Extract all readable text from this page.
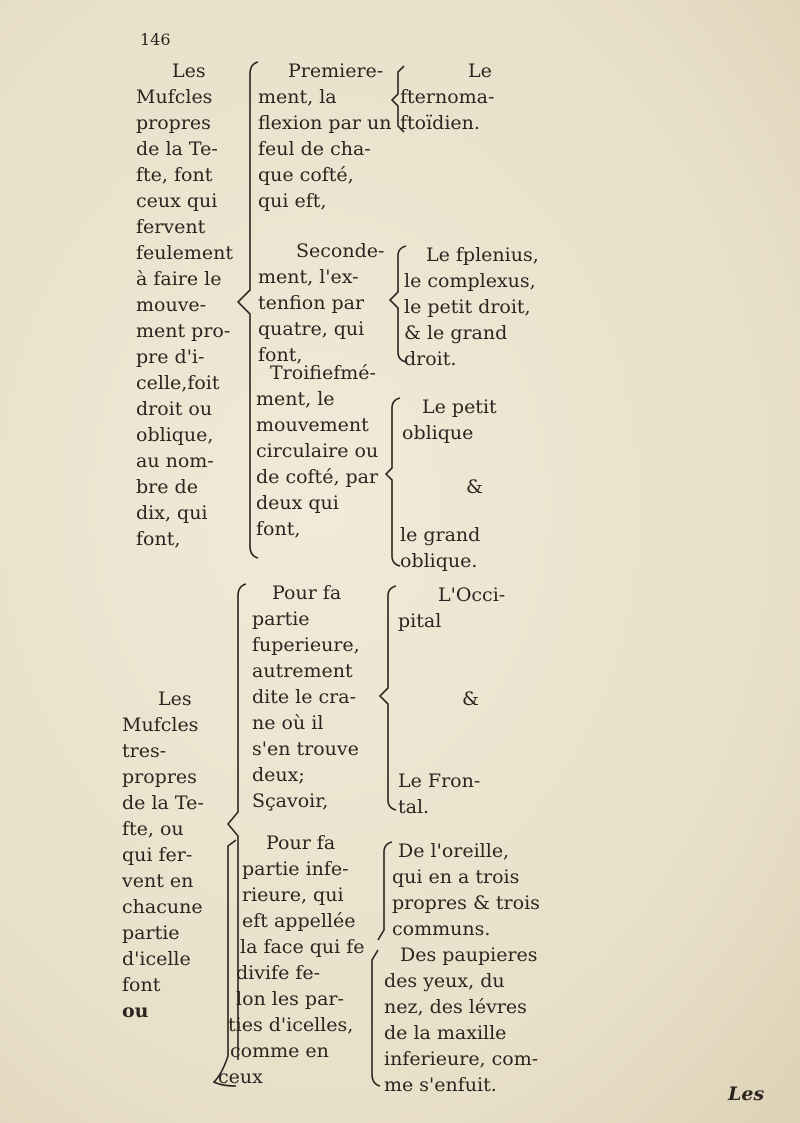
146
Les
Mufcles
propres
de la Te-
fte, font
ceux qui
fervent
feulement
à faire le
mouve-
ment pro-
pre d'i-
celle,foit
droit ou
oblique,
au nom-
bre de
dix, qui
font,
Premiere-
ment, la
flexion par un
feul de cha-
que cofté,
qui eft,
Le
fternoma-
ftoïdien.
Seconde-
ment, l'ex-
tenfion par
quatre, qui
font,
Le fplenius,
le complexus,
le petit droit,
& le grand
droit.
Troifiefmé-
ment, le
mouvement
circulaire ou
de cofté, par
deux qui
font,
Le petit
oblique
&
le grand
oblique.
Les
Mufcles
tres-
propres
de la Te-
fte, ou
qui fer-
vent en
chacune
partie
d'icelle
font
ou
Pour fa
partie
fuperieure,
autrement
dite le cra-
ne où il
s'en trouve
deux;
Sçavoir,
L'Occi-
pital
&
Le Fron-
tal.
Pour fa
partie infe-
rieure, qui
eft appellée
la face qui fe
divife fe-
lon les par-
ties d'icelles,
comme en
ceux
De l'oreille,
qui en a trois
propres & trois
communs.
Des paupieres
des yeux, du
nez, des lévres
de la maxille
inferieure, com-
me s'enfuit.	Les
